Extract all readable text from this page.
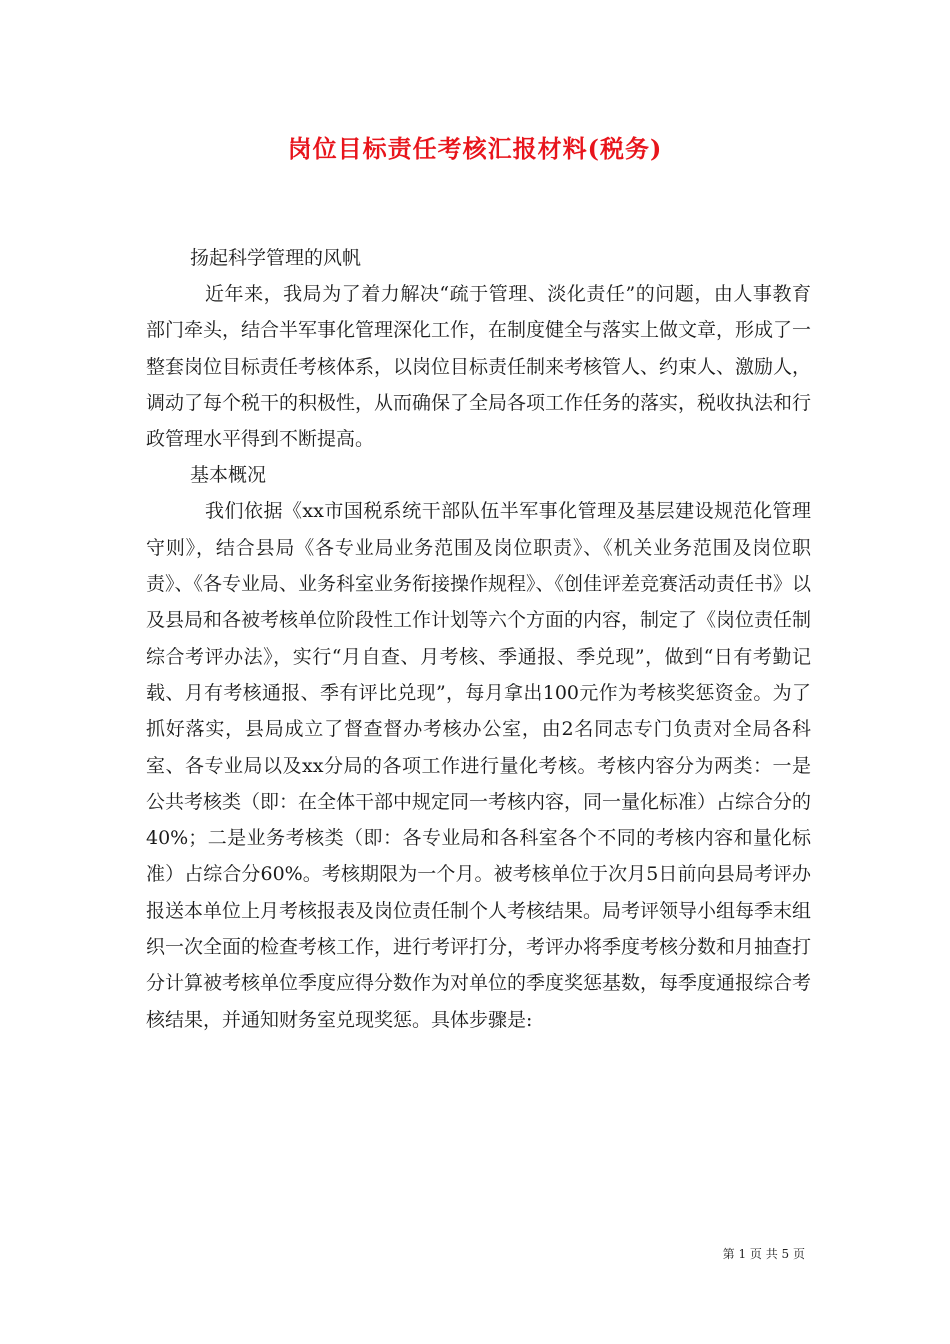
岗位目标责任考核汇报材料(税务)
扬起科学管理的风帆

近年来，我局为了着力解决“疏于管理、淡化责任”的问题，由人事教育部门牵头，结合半军事化管理深化工作，在制度健全与落实上做文章，形成了一整套岗位目标责任考核体系，以岗位目标责任制来考核管人、约束人、激励人，调动了每个税干的积极性，从而确保了全局各项工作任务的落实，税收执法和行政管理水平得到不断提高。

基本概况

我们依据《xx市国税系统干部队伍半军事化管理及基层建设规范化管理守则》，结合县局《各专业局业务范围及岗位职责》、《机关业务范围及岗位职责》、《各专业局、业务科室业务衔接操作规程》、《创佳评差竞赛活动责任书》以及县局和各被考核单位阶段性工作计划等六个方面的内容，制定了《岗位责任制综合考评办法》，实行“月自查、月考核、季通报、季兑现”，做到“日有考勤记载、月有考核通报、季有评比兑现”，每月拿出100元作为考核奖惩资金。为了抓好落实，县局成立了督查督办考核办公室，由2名同志专门负责对全局各科室、各专业局以及xx分局的各项工作进行量化考核。考核内容分为两类：一是公共考核类（即：在全体干部中规定同一考核内容，同一量化标准）占综合分的40%；二是业务考核类（即：各专业局和各科室各个不同的考核内容和量化标准）占综合分60%。考核期限为一个月。被考核单位于次月5日前向县局考评办报送本单位上月考核报表及岗位责任制个人考核结果。局考评领导小组每季末组织一次全面的检查考核工作，进行考评打分，考评办将季度考核分数和月抽查打分计算被考核单位季度应得分数作为对单位的季度奖惩基数，每季度通报综合考核结果，并通知财务室兑现奖惩。具体步骤是:

第 1 页 共 5 页
